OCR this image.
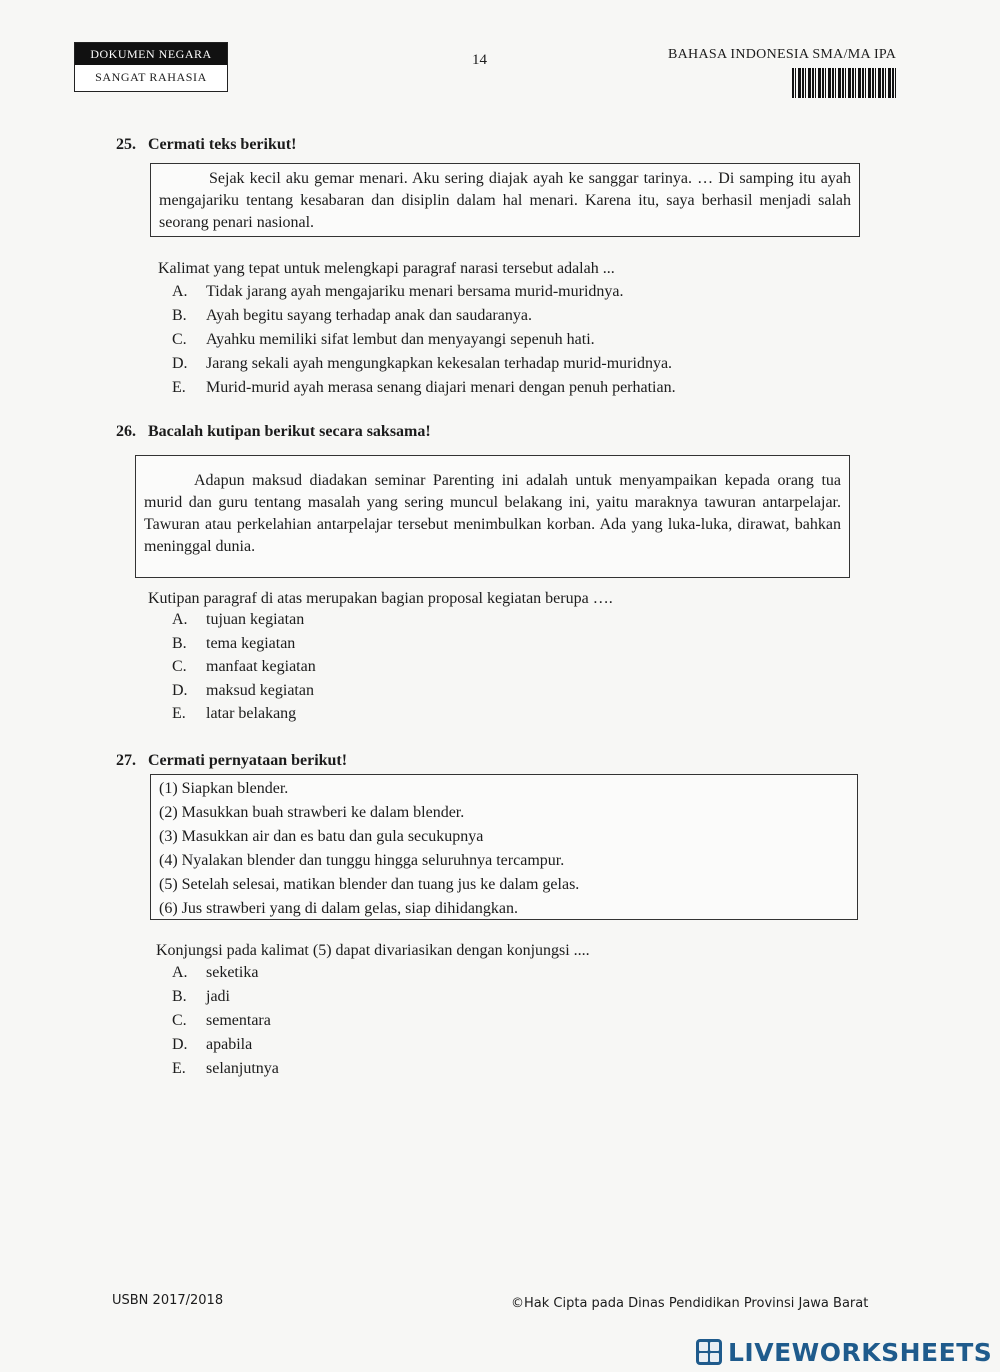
DOKUMEN NEGARA
SANGAT RAHASIA
14	BAHASA INDONESIA SMA/MA IPA
25. Cermati teks berikut!

Sejak kecil aku gemar menari. Aku sering diajak ayah ke sanggar tarinya. … Di samping itu ayah mengajariku tentang kesabaran dan disiplin dalam hal menari. Karena itu, saya berhasil menjadi salah seorang penari nasional.

Kalimat yang tepat untuk melengkapi paragraf narasi tersebut adalah ...
A.	Tidak jarang ayah mengajariku menari bersama murid-muridnya.
B.	Ayah begitu sayang terhadap anak dan saudaranya.
C.	Ayahku memiliki sifat lembut dan menyayangi sepenuh hati.
D.	Jarang sekali ayah mengungkapkan kekesalan terhadap murid-muridnya.
E.	Murid-murid ayah merasa senang diajari menari dengan penuh perhatian.
26. Bacalah kutipan berikut secara saksama!

Adapun maksud diadakan seminar Parenting ini adalah untuk menyampaikan kepada orang tua murid dan guru tentang masalah yang sering muncul belakang ini, yaitu maraknya tawuran antarpelajar. Tawuran atau perkelahian antarpelajar tersebut menimbulkan korban. Ada yang luka-luka, dirawat, bahkan meninggal dunia.

Kutipan paragraf di atas merupakan bagian proposal kegiatan berupa ….
A.	tujuan kegiatan
B.	tema kegiatan
C.	manfaat kegiatan
D.	maksud kegiatan
E.	latar belakang
27. Cermati pernyataan berikut!
(1) Siapkan blender.
(2) Masukkan buah strawberi ke dalam blender.
(3) Masukkan air dan es batu dan gula secukupnya
(4) Nyalakan blender dan tunggu hingga seluruhnya tercampur.
(5) Setelah selesai, matikan blender dan tuang jus ke dalam gelas.
(6) Jus strawberi yang di dalam gelas, siap dihidangkan.
Konjungsi pada kalimat (5) dapat divariasikan dengan konjungsi ....
A.	seketika
B.	jadi
C.	sementara
D.	apabila
E.	selanjutnya
USBN 2017/2018	©Hak Cipta pada Dinas Pendidikan Provinsi Jawa Barat
LIVEWORKSHEETS
